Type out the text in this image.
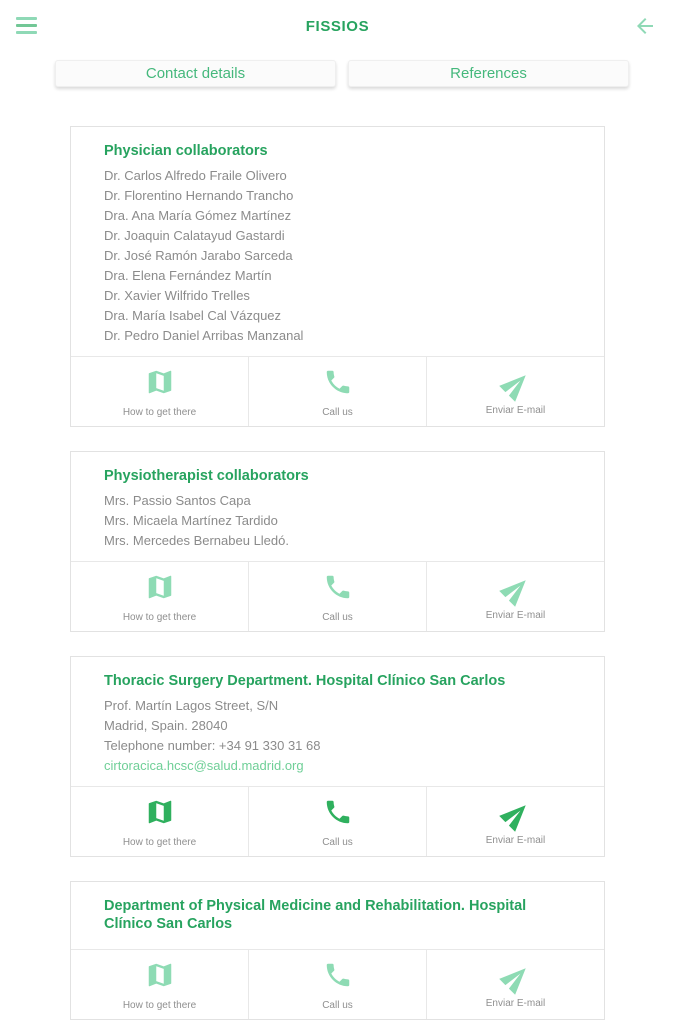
FISSIOS
Contact details	References
Physician collaborators
Dr. Carlos Alfredo Fraile Olivero
Dr. Florentino Hernando Trancho
Dra. Ana María Gómez Martínez
Dr. Joaquin Calatayud Gastardi
Dr. José Ramón Jarabo Sarceda
Dra. Elena Fernández Martín
Dr. Xavier Wilfrido Trelles
Dra. María Isabel Cal Vázquez
Dr. Pedro Daniel Arribas Manzanal
How to get there	Call us	Enviar E-mail
Physiotherapist collaborators
Mrs. Passio Santos Capa
Mrs. Micaela Martínez Tardido
Mrs. Mercedes Bernabeu Lledó.
How to get there	Call us	Enviar E-mail
Thoracic Surgery Department. Hospital Clínico San Carlos
Prof. Martín Lagos Street, S/N
Madrid, Spain. 28040
Telephone number: +34 91 330 31 68
cirtoracica.hcsc@salud.madrid.org
How to get there	Call us	Enviar E-mail
Department of Physical Medicine and Rehabilitation. Hospital Clínico San Carlos
How to get there	Call us	Enviar E-mail
